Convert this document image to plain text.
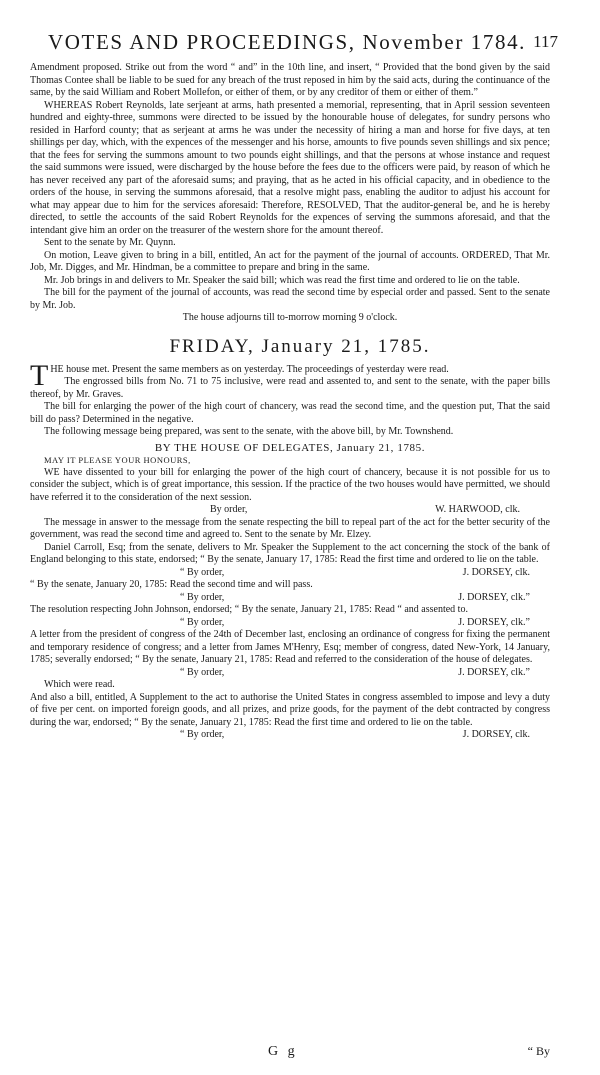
VOTES AND PROCEEDINGS, November 1784. 117

Amendment proposed. Strike out from the word “ and” in the 10th line, and insert, “ Provided that the bond given by the said Thomas Contee shall be liable to be sued for any breach of the trust reposed in him by the said acts, during the continuance of the same, by the said William and Robert Mollefon, or either of them, or by any creditor of them or either of them.”

WHEREAS Robert Reynolds, late serjeant at arms, hath presented a memorial, representing, that in April session seventeen hundred and eighty-three, summons were directed to be issued by the honourable house of delegates, for sundry persons who resided in Harford county; that as serjeant at arms he was under the necessity of hiring a man and horse for five days, at ten shillings per day, which, with the expences of the messenger and his horse, amounts to five pounds seven shillings and six pence; that the fees for serving the summons amount to two pounds eight shillings, and that the persons at whose instance and request the said summons were issued, were discharged by the house before the fees due to the officers were paid, by reason of which he has never received any part of the aforesaid sums; and praying, that as he acted in his official capacity, and in obedience to the orders of the house, in serving the summons aforesaid, that a resolve might pass, enabling the auditor to adjust his account for what may appear due to him for the services aforesaid: Therefore, RESOLVED, That the auditor-general be, and he is hereby directed, to settle the accounts of the said Robert Reynolds for the expences of serving the summons aforesaid, and that the intendant give him an order on the treasurer of the western shore for the amount thereof.

Sent to the senate by Mr. Quynn.

On motion, Leave given to bring in a bill, entitled, An act for the payment of the journal of accounts. ORDERED, That Mr. Job, Mr. Digges, and Mr. Hindman, be a committee to prepare and bring in the same.

Mr. Job brings in and delivers to Mr. Speaker the said bill; which was read the first time and ordered to lie on the table.

The bill for the payment of the journal of accounts, was read the second time by especial order and passed. Sent to the senate by Mr. Job.

The house adjourns till to-morrow morning 9 o'clock.

FRIDAY, January 21, 1785.

THE house met. Present the same members as on yesterday. The proceedings of yesterday were read.

The engrossed bills from No. 71 to 75 inclusive, were read and assented to, and sent to the senate, with the paper bills thereof, by Mr. Graves.

The bill for enlarging the power of the high court of chancery, was read the second time, and the question put, That the said bill do pass? Determined in the negative.

The following message being prepared, was sent to the senate, with the above bill, by Mr. Townshend.

BY THE HOUSE OF DELEGATES, January 21, 1785.

MAY IT PLEASE YOUR HONOURS,

WE have dissented to your bill for enlarging the power of the high court of chancery, because it is not possible for us to consider the subject, which is of great importance, this session. If the practice of the two houses would have permitted, we should have referred it to the consideration of the next session.

By order,	W. HARWOOD, clk.

The message in answer to the message from the senate respecting the bill to repeal part of the act for the better security of the government, was read the second time and agreed to. Sent to the senate by Mr. Elzey.

Daniel Carroll, Esq; from the senate, delivers to Mr. Speaker the Supplement to the act concerning the stock of the bank of England belonging to this state, endorsed; “ By the senate, January 17, 1785: Read the first time and ordered to lie on the table.

“ By order,	J. DORSEY, clk.

“ By the senate, January 20, 1785: Read the second time and will pass.

“ By order,	J. DORSEY, clk.”

The resolution respecting John Johnson, endorsed; “ By the senate, January 21, 1785: Read “ and assented to.

“ By order,	J. DORSEY, clk.”

A letter from the president of congress of the 24th of December last, enclosing an ordinance of congress for fixing the permanent and temporary residence of congress; and a letter from James M'Henry, Esq; member of congress, dated New-York, 14 January, 1785; severally endorsed; “ By the senate, January 21, 1785: Read and referred to the consideration of the house of delegates.

“ By order,	J. DORSEY, clk.”

Which were read.

And also a bill, entitled, A Supplement to the act to authorise the United States in congress assembled to impose and levy a duty of five per cent. on imported foreign goods, and all prizes, and prize goods, for the payment of the debt contracted by congress during the war, endorsed; “ By the senate, January 21, 1785: Read the first time and ordered to lie on the table.

“ By order,	J. DORSEY, clk.
G g	“ By
